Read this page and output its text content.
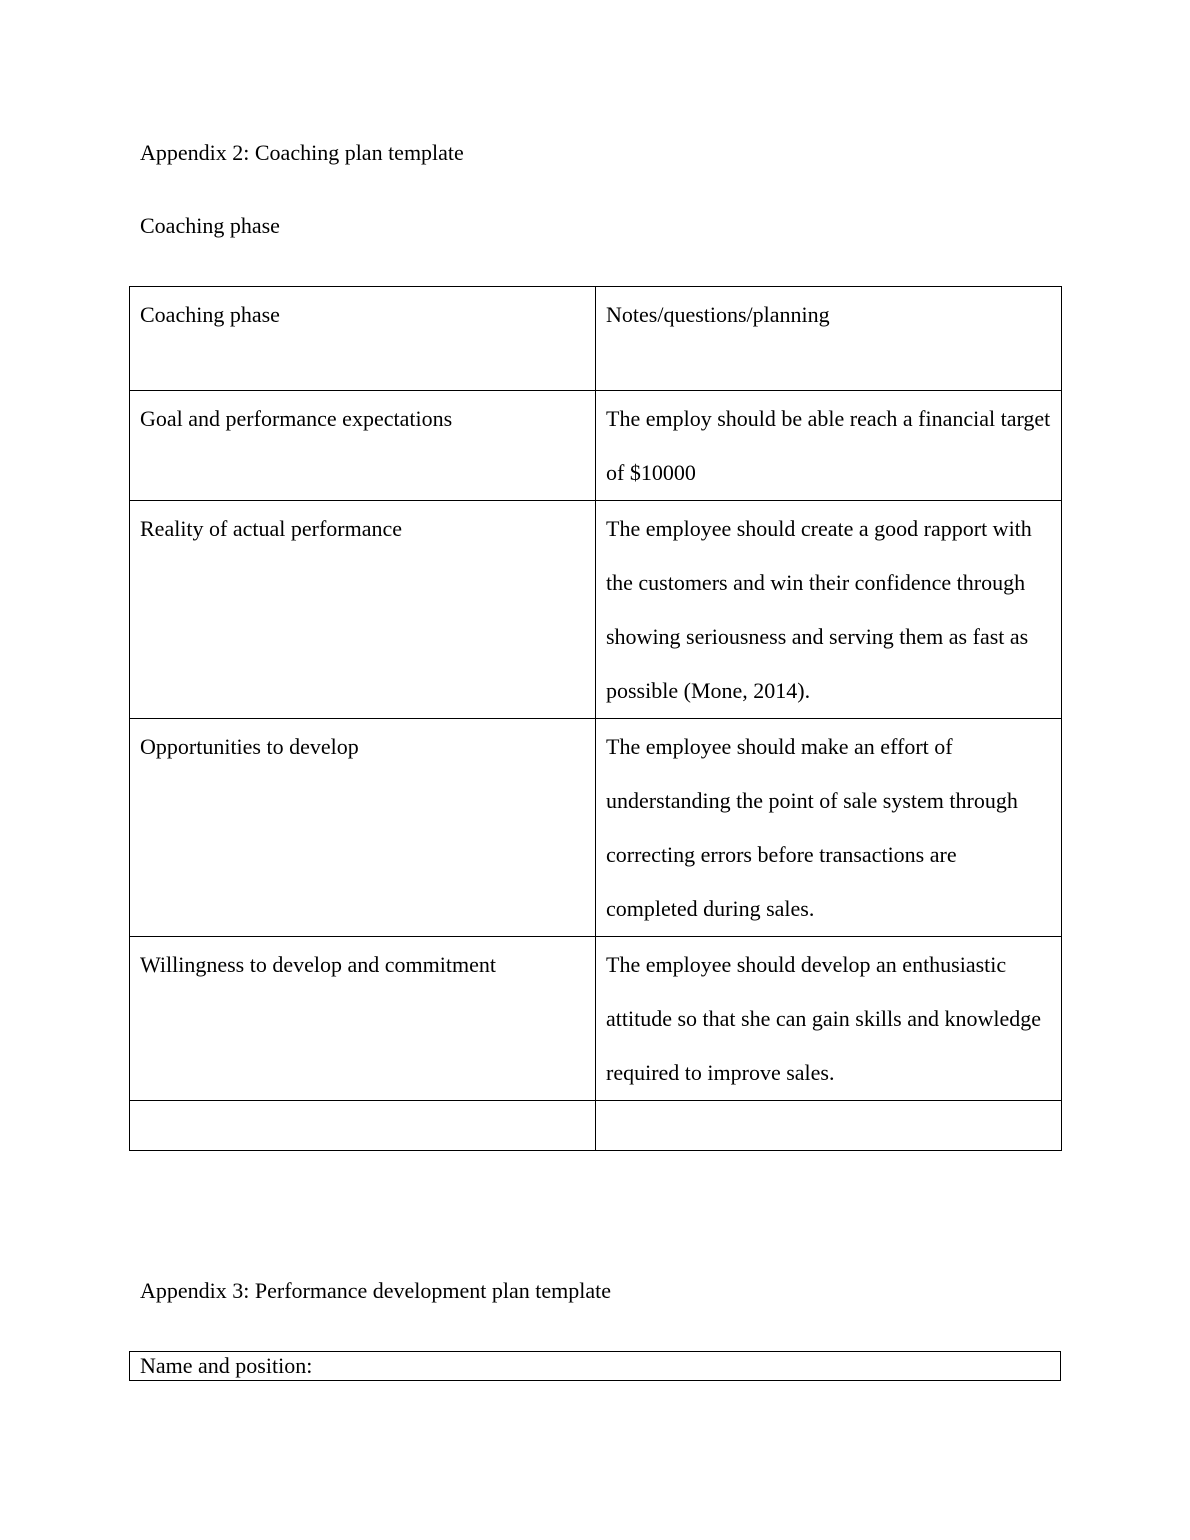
Appendix 2: Coaching plan template

Coaching phase

Coaching phase	Notes/questions/planning

Goal and performance expectations	The employ should be able reach a financial target of $10000

Reality of actual performance	The employee should create a good rapport with the customers and win their confidence through showing seriousness and serving them as fast as possible (Mone, 2014).

Opportunities to develop	The employee should make an effort of understanding the point of sale system through correcting errors before transactions are completed during sales.

Willingness to develop and commitment	The employee should develop an enthusiastic attitude so that she can gain skills and knowledge required to improve sales.

Appendix 3: Performance development plan template

Name and position:
